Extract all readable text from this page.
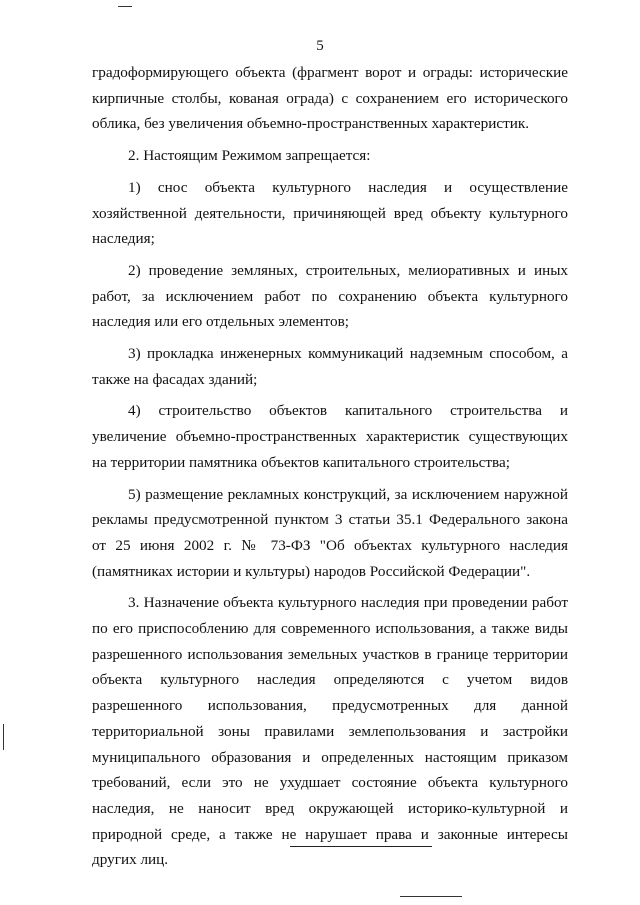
5

градоформирующего объекта (фрагмент ворот и ограды: исторические кирпичные столбы, кованая ограда) с сохранением его исторического облика, без увеличения объемно-пространственных характеристик.

2. Настоящим Режимом запрещается:

1) снос объекта культурного наследия и осуществление хозяйственной деятельности, причиняющей вред объекту культурного наследия;

2) проведение земляных, строительных, мелиоративных и иных работ, за исключением работ по сохранению объекта культурного наследия или его отдельных элементов;

3) прокладка инженерных коммуникаций надземным способом, а также на фасадах зданий;

4) строительство объектов капитального строительства и увеличение объемно-пространственных характеристик существующих на территории памятника объектов капитального строительства;

5) размещение рекламных конструкций, за исключением наружной рекламы предусмотренной пунктом 3 статьи 35.1 Федерального закона от 25 июня 2002 г. № 73-ФЗ "Об объектах культурного наследия (памятниках истории и культуры) народов Российской Федерации".

3. Назначение объекта культурного наследия при проведении работ по его приспособлению для современного использования, а также виды разрешенного использования земельных участков в границе территории объекта культурного наследия определяются с учетом видов разрешенного использования, предусмотренных для данной территориальной зоны правилами землепользования и застройки муниципального образования и определенных настоящим приказом требований, если это не ухудшает состояние объекта культурного наследия, не наносит вред окружающей историко-культурной и природной среде, а также не нарушает права и законные интересы других лиц.
